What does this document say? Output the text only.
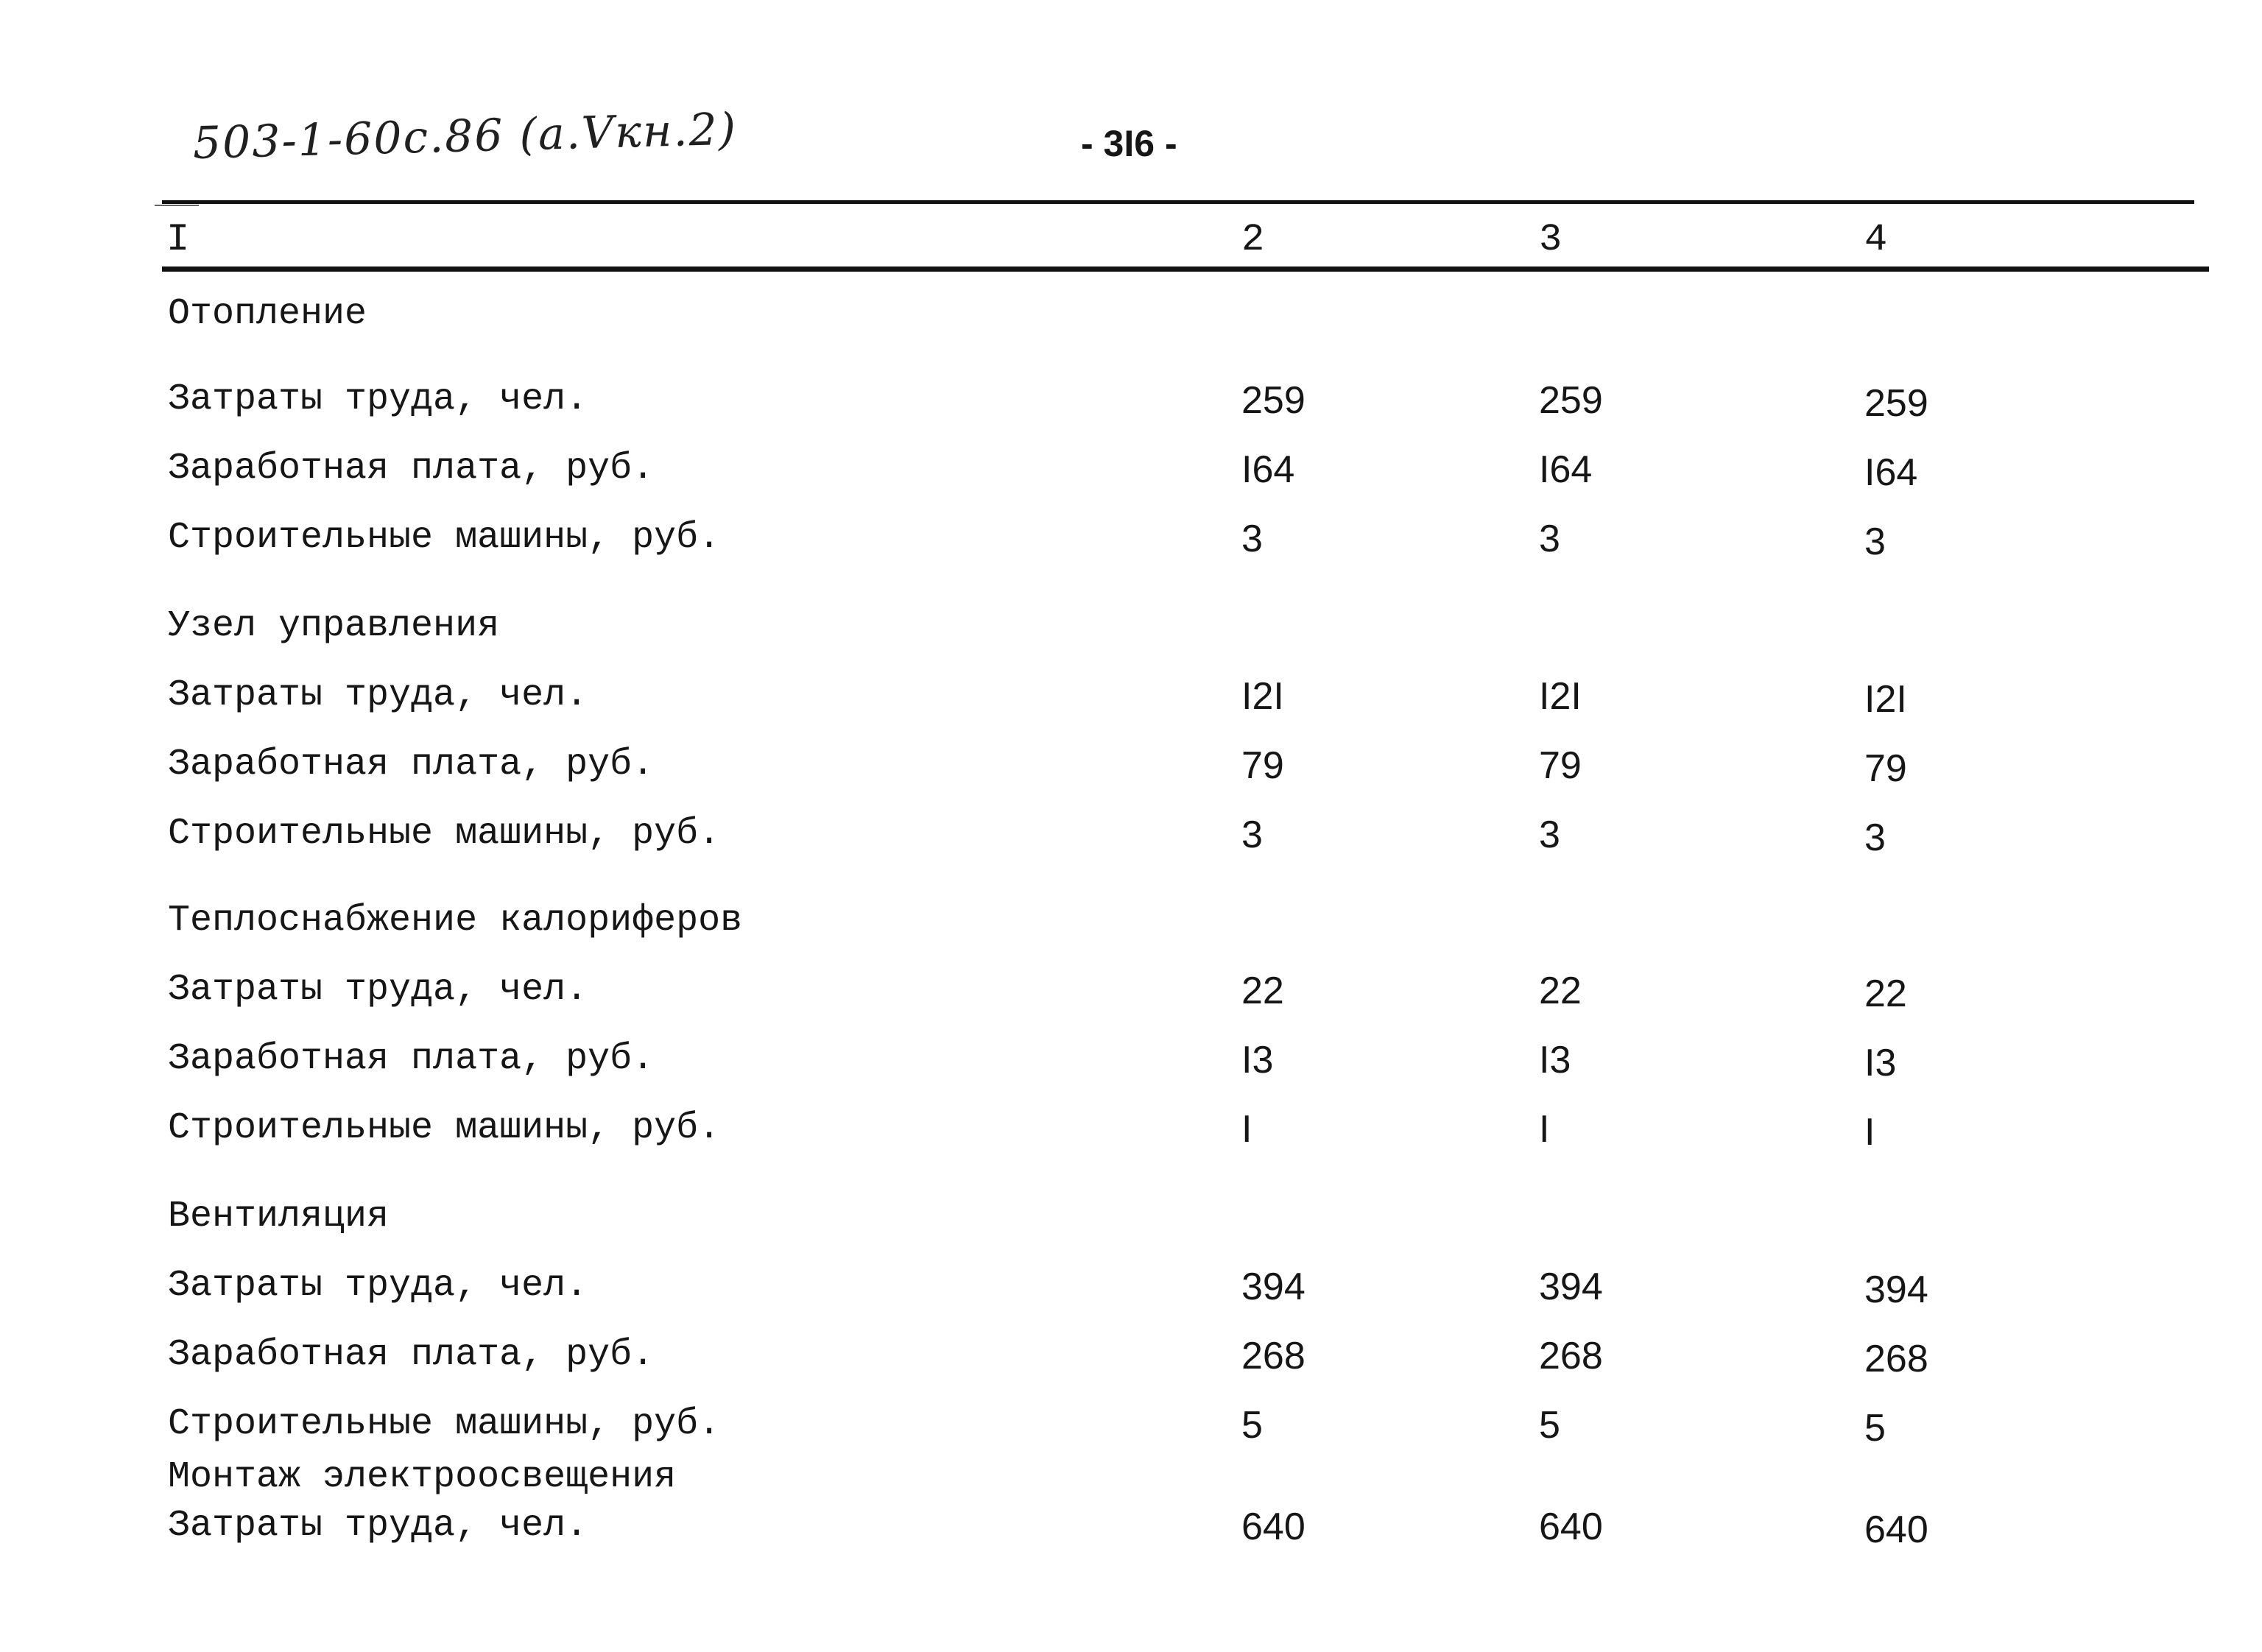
503-1-60с.86 (а.Vкн.2)	- 3I6 -
I	2	3	4
Отопление
Затраты труда, чел.	259	259	259
Заработная плата, руб.	I64	I64	I64
Строительные машины, руб.	3	3	3
Узел управления
Затраты труда, чел.	I2I	I2I	I2I
Заработная плата, руб.	79	79	79
Строительные машины, руб.	3	3	3
Теплоснабжение калориферов
Затраты труда, чел.	22	22	22
Заработная плата, руб.	I3	I3	I3
Строительные машины, руб.	I	I	I
Вентиляция
Затраты труда, чел.	394	394	394
Заработная плата, руб.	268	268	268
Строительные машины, руб.	5	5	5
Монтаж электроосвещения
Затраты труда, чел.	640	640	640
